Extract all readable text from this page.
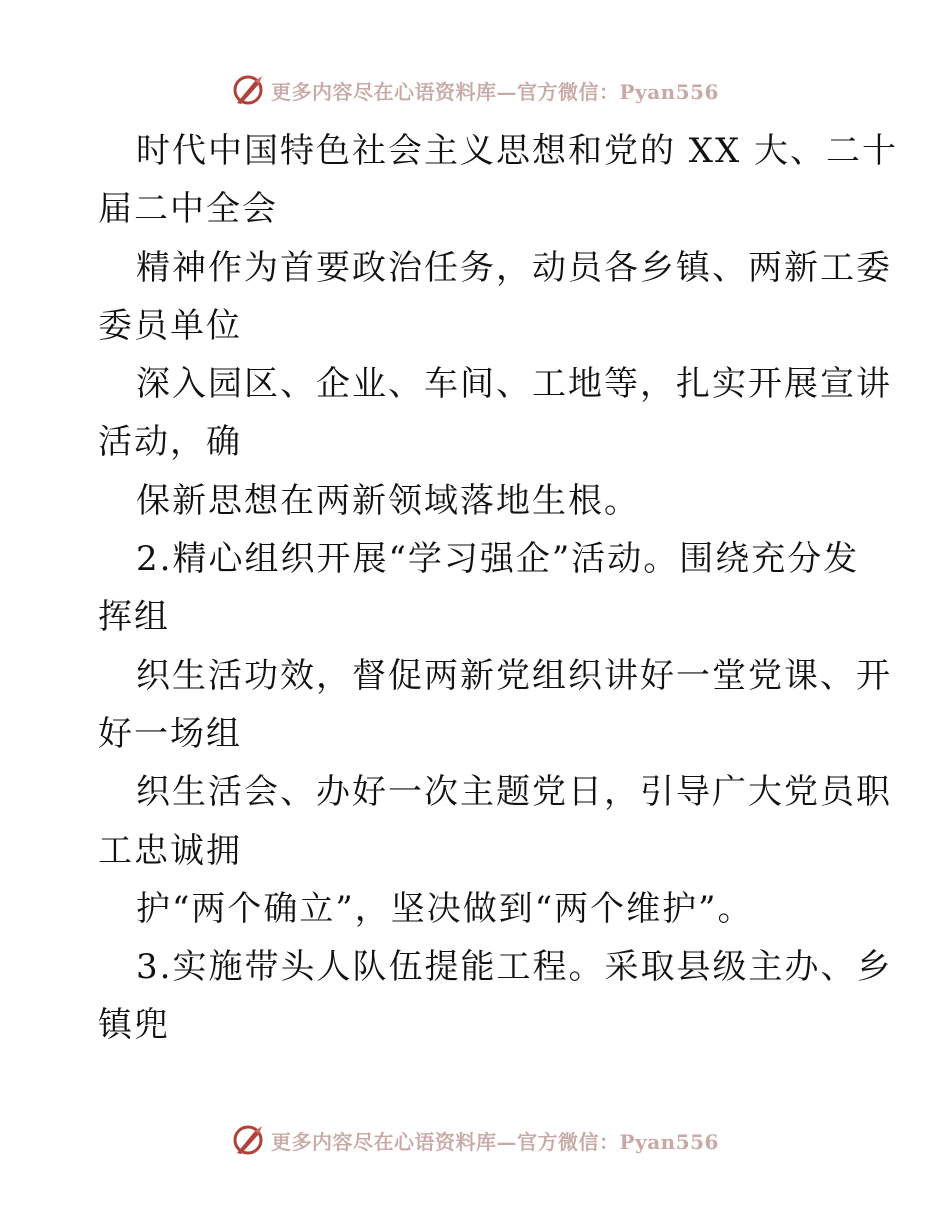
更多内容尽在心语资料库—官方微信：Pyan556
时代中国特色社会主义思想和党的 XX 大、二十
届二中全会
精神作为首要政治任务，动员各乡镇、两新工委
委员单位
深入园区、企业、车间、工地等，扎实开展宣讲
活动，确
保新思想在两新领域落地生根。
2.精心组织开展“学习强企”活动。围绕充分发
挥组
织生活功效，督促两新党组织讲好一堂党课、开
好一场组
织生活会、办好一次主题党日，引导广大党员职
工忠诚拥
护“两个确立”，坚决做到“两个维护”。
3.实施带头人队伍提能工程。采取县级主办、乡
镇兜
更多内容尽在心语资料库—官方微信：Pyan556
